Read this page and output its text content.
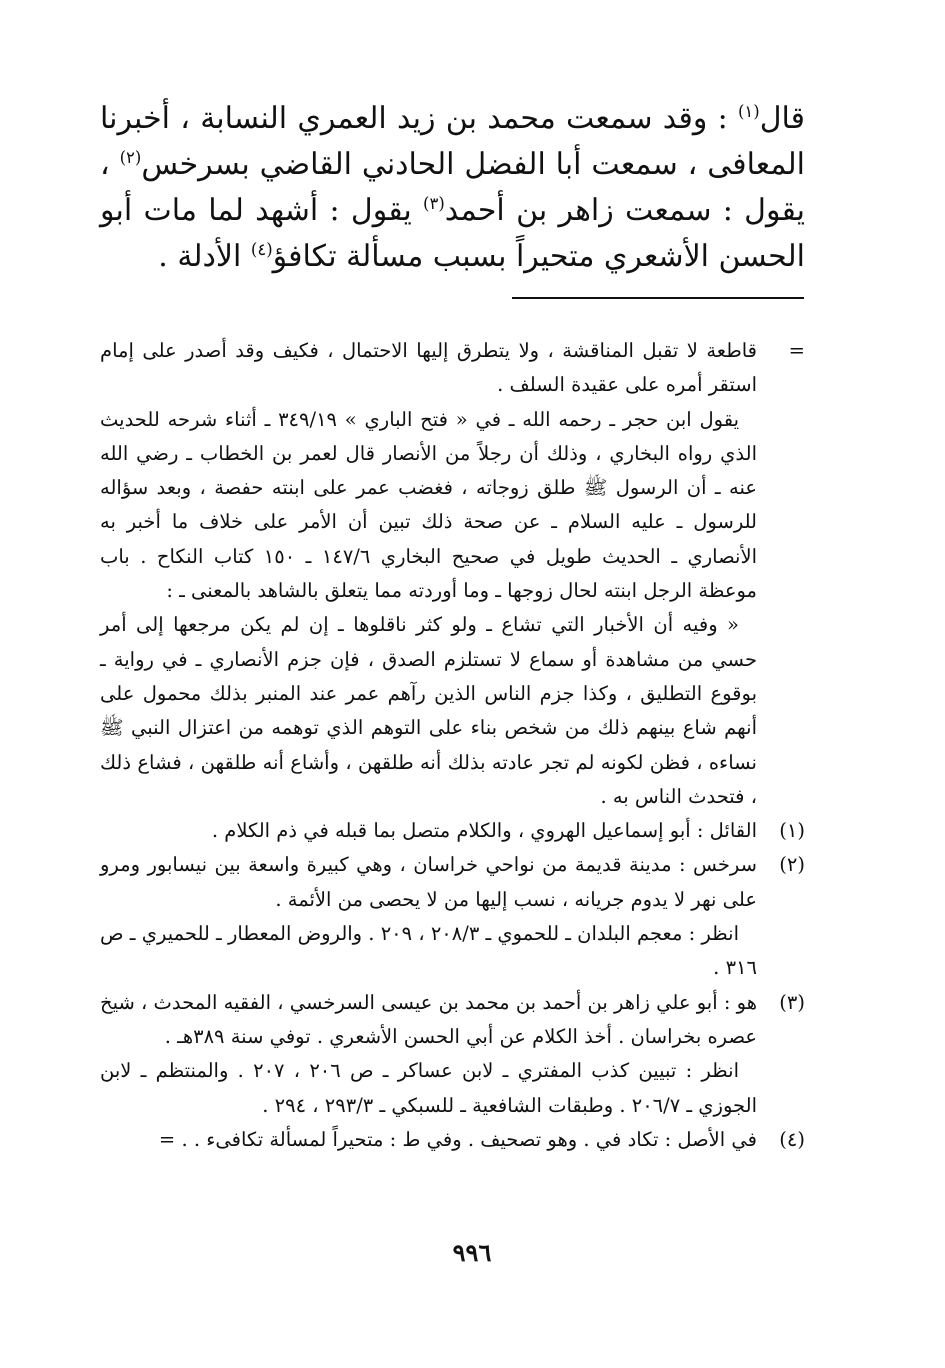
قال$^{(١)}$ : وقد سمعت محمد بن زيد العمري النسابة ، أخبرنا المعافى ، سمعت أبا الفضل الحادني القاضي بسرخس$^{(٢)}$ ، يقول : سمعت زاهر بن أحمد$^{(٣)}$ يقول : أشهد لما مات أبو الحسن الأشعري متحيراً بسبب مسألة تكافؤ$^{(٤)}$ الأدلة .

=

قاطعة لا تقبل المناقشة ، ولا يتطرق إليها الاحتمال ، فكيف وقد أصدر على إمام استقر أمره على عقيدة السلف .

يقول ابن حجر ـ رحمه الله ـ في « فتح الباري » ٣٤٩/١٩ ـ أثناء شرحه للحديث الذي رواه البخاري ، وذلك أن رجلاً من الأنصار قال لعمر بن الخطاب ـ رضي الله عنه ـ أن الرسول ﷺ طلق زوجاته ، فغضب عمر على ابنته حفصة ، وبعد سؤاله للرسول ـ عليه السلام ـ عن صحة ذلك تبين أن الأمر على خلاف ما أخبر به الأنصاري ـ الحديث طويل في صحيح البخاري ١٤٧/٦ ـ ١٥٠ كتاب النكاح . باب موعظة الرجل ابنته لحال زوجها ـ وما أوردته مما يتعلق بالشاهد بالمعنى ـ :

« وفيه أن الأخبار التي تشاع ـ ولو كثر ناقلوها ـ إن لم يكن مرجعها إلى أمر حسي من مشاهدة أو سماع لا تستلزم الصدق ، فإن جزم الأنصاري ـ في رواية ـ بوقوع التطليق ، وكذا جزم الناس الذين رآهم عمر عند المنبر بذلك محمول على أنهم شاع بينهم ذلك من شخص بناء على التوهم الذي توهمه من اعتزال النبي ﷺ نساءه ، فظن لكونه لم تجر عادته بذلك أنه طلقهن ، وأشاع أنه طلقهن ، فشاع ذلك ، فتحدث الناس به .

(١)

القائل : أبو إسماعيل الهروي ، والكلام متصل بما قبله في ذم الكلام .

(٢)

سرخس : مدينة قديمة من نواحي خراسان ، وهي كبيرة واسعة بين نيسابور ومرو على نهر لا يدوم جريانه ، نسب إليها من لا يحصى من الأئمة .

انظر : معجم البلدان ـ للحموي ـ ٢٠٨/٣ ، ٢٠٩ . والروض المعطار ـ للحميري ـ ص ٣١٦ .

(٣)

هو : أبو علي زاهر بن أحمد بن محمد بن عيسى السرخسي ، الفقيه المحدث ، شيخ عصره بخراسان . أخذ الكلام عن أبي الحسن الأشعري . توفي سنة ٣٨٩هـ .

انظر : تبيين كذب المفتري ـ لابن عساكر ـ ص ٢٠٦ ، ٢٠٧ . والمنتظم ـ لابن الجوزي ـ ٢٠٦/٧ . وطبقات الشافعية ـ للسبكي ـ ٢٩٣/٣ ، ٢٩٤ .

(٤)

في الأصل : تكاد في . وهو تصحيف . وفي ط : متحيراً لمسألة تكافىء . . =

٩٩٦
